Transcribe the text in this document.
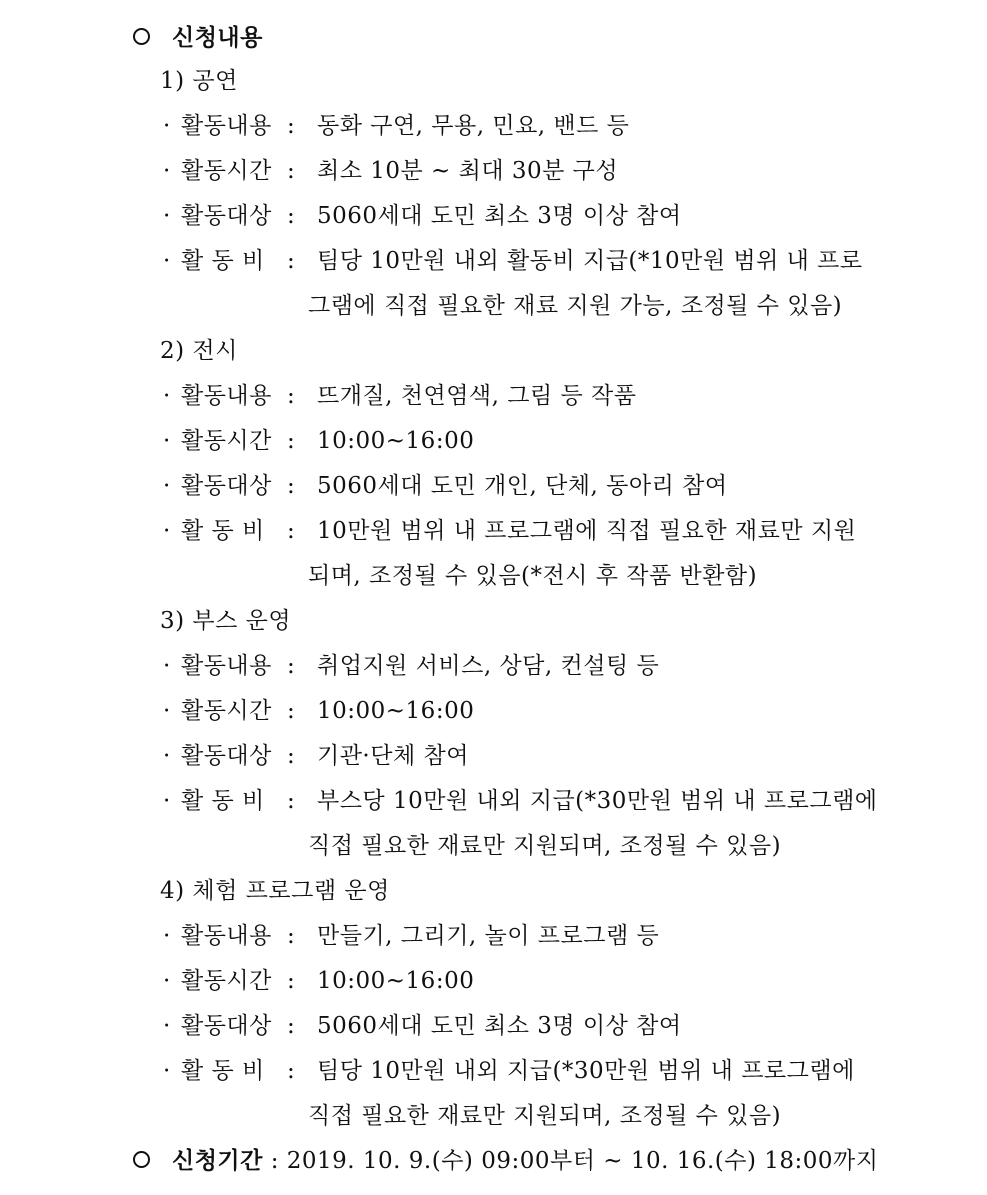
신청내용
1) 공연
· 활동내용 : 동화 구연, 무용, 민요, 밴드 등
· 활동시간 : 최소 10분 ~ 최대 30분 구성
· 활동대상 : 5060세대 도민 최소 3명 이상 참여
· 활 동 비 : 팀당 10만원 내외 활동비 지급(*10만원 범위 내 프로
그램에 직접 필요한 재료 지원 가능, 조정될 수 있음)
2) 전시
· 활동내용 : 뜨개질, 천연염색, 그림 등 작품
· 활동시간 : 10:00~16:00
· 활동대상 : 5060세대 도민 개인, 단체, 동아리 참여
· 활 동 비 : 10만원 범위 내 프로그램에 직접 필요한 재료만 지원
되며, 조정될 수 있음(*전시 후 작품 반환함)
3) 부스 운영
· 활동내용 : 취업지원 서비스, 상담, 컨설팅 등
· 활동시간 : 10:00~16:00
· 활동대상 : 기관·단체 참여
· 활 동 비 : 부스당 10만원 내외 지급(*30만원 범위 내 프로그램에
직접 필요한 재료만 지원되며, 조정될 수 있음)
4) 체험 프로그램 운영
· 활동내용 : 만들기, 그리기, 놀이 프로그램 등
· 활동시간 : 10:00~16:00
· 활동대상 : 5060세대 도민 최소 3명 이상 참여
· 활 동 비 : 팀당 10만원 내외 지급(*30만원 범위 내 프로그램에
직접 필요한 재료만 지원되며, 조정될 수 있음)
신청기간 : 2019. 10. 9.(수) 09:00부터 ~ 10. 16.(수) 18:00까지
